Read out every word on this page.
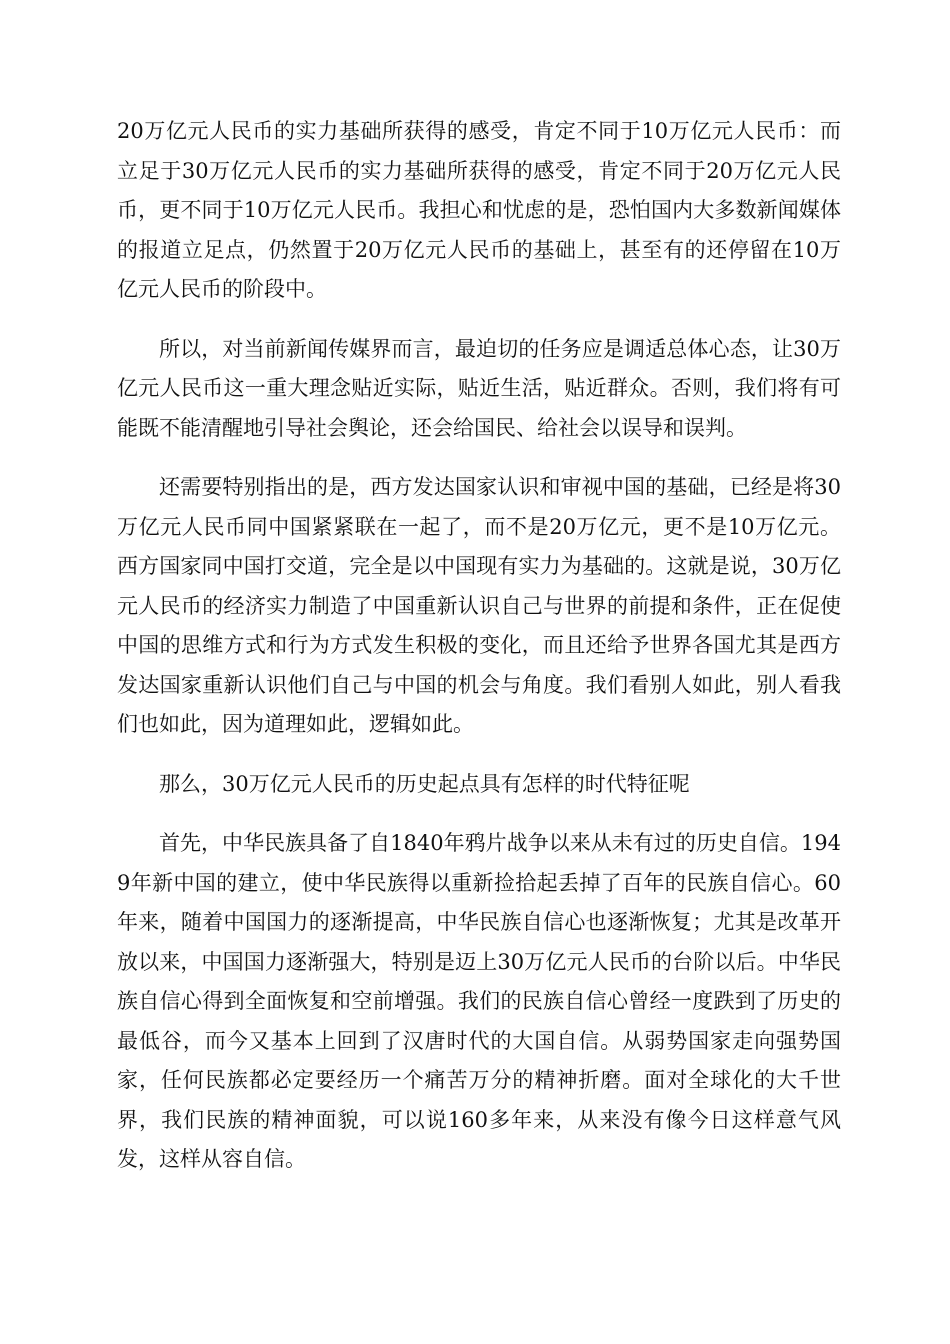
20万亿元人民币的实力基础所获得的感受，肯定不同于10万亿元人民币：而立足于30万亿元人民币的实力基础所获得的感受，肯定不同于20万亿元人民币，更不同于10万亿元人民币。我担心和忧虑的是，恐怕国内大多数新闻媒体的报道立足点，仍然置于20万亿元人民币的基础上，甚至有的还停留在10万亿元人民币的阶段中。

所以，对当前新闻传媒界而言，最迫切的任务应是调适总体心态，让30万亿元人民币这一重大理念贴近实际，贴近生活，贴近群众。否则，我们将有可能既不能清醒地引导社会舆论，还会给国民、给社会以误导和误判。

还需要特别指出的是，西方发达国家认识和审视中国的基础，已经是将30万亿元人民币同中国紧紧联在一起了，而不是20万亿元，更不是10万亿元。西方国家同中国打交道，完全是以中国现有实力为基础的。这就是说，30万亿元人民币的经济实力制造了中国重新认识自己与世界的前提和条件，正在促使中国的思维方式和行为方式发生积极的变化，而且还给予世界各国尤其是西方发达国家重新认识他们自己与中国的机会与角度。我们看别人如此，别人看我们也如此，因为道理如此，逻辑如此。

那么，30万亿元人民币的历史起点具有怎样的时代特征呢

首先，中华民族具备了自1840年鸦片战争以来从未有过的历史自信。1949年新中国的建立，使中华民族得以重新捡拾起丢掉了百年的民族自信心。60年来，随着中国国力的逐渐提高，中华民族自信心也逐渐恢复；尤其是改革开放以来，中国国力逐渐强大，特别是迈上30万亿元人民币的台阶以后。中华民族自信心得到全面恢复和空前增强。我们的民族自信心曾经一度跌到了历史的最低谷，而今又基本上回到了汉唐时代的大国自信。从弱势国家走向强势国家，任何民族都必定要经历一个痛苦万分的精神折磨。面对全球化的大千世界，我们民族的精神面貌，可以说160多年来，从来没有像今日这样意气风发，这样从容自信。
